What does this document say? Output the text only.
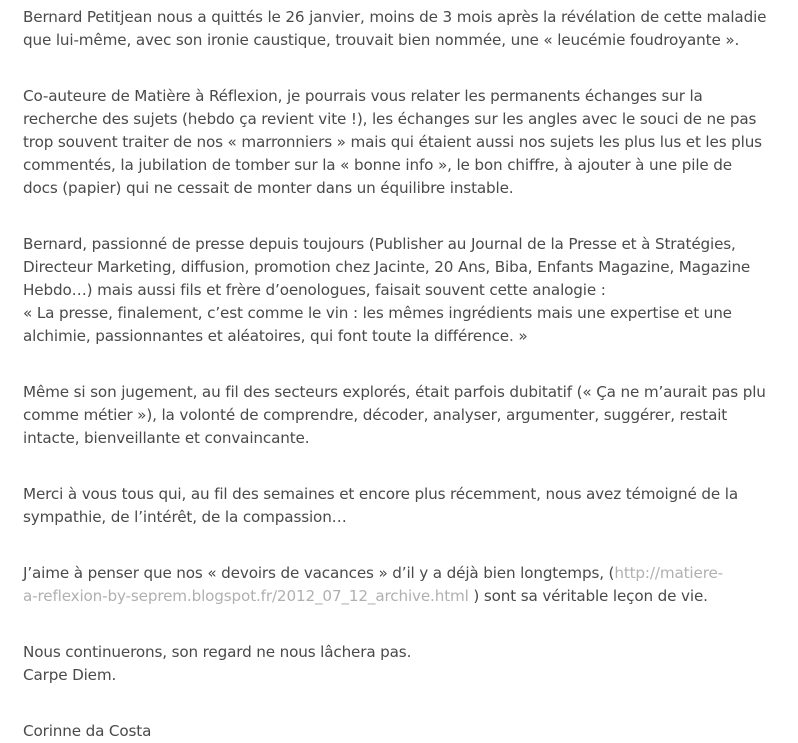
Bernard Petitjean nous a quittés le 26 janvier, moins de 3 mois après la révélation de cette maladie
que lui-même, avec son ironie caustique, trouvait bien nommée, une « leucémie foudroyante ».

Co-auteure de Matière à Réflexion, je pourrais vous relater les permanents échanges sur la
recherche des sujets (hebdo ça revient vite !), les échanges sur les angles avec le souci de ne pas
trop souvent traiter de nos « marronniers » mais qui étaient aussi nos sujets les plus lus et les plus
commentés, la jubilation de tomber sur la « bonne info », le bon chiffre, à ajouter à une pile de
docs (papier) qui ne cessait de monter dans un équilibre instable.

Bernard, passionné de presse depuis toujours (Publisher au Journal de la Presse et à Stratégies,
Directeur Marketing, diffusion, promotion chez Jacinte, 20 Ans, Biba, Enfants Magazine, Magazine
Hebdo…) mais aussi fils et frère d’oenologues, faisait souvent cette analogie :
« La presse, finalement, c’est comme le vin : les mêmes ingrédients mais une expertise et une
alchimie, passionnantes et aléatoires, qui font toute la différence. »

Même si son jugement, au fil des secteurs explorés, était parfois dubitatif (« Ça ne m’aurait pas plu
comme métier »), la volonté de comprendre, décoder, analyser, argumenter, suggérer, restait
intacte, bienveillante et convaincante.

Merci à vous tous qui, au fil des semaines et encore plus récemment, nous avez témoigné de la
sympathie, de l’intérêt, de la compassion…

J’aime à penser que nos « devoirs de vacances » d’il y a déjà bien longtemps, (http://matiere-
a-reflexion-by-seprem.blogspot.fr/2012_07_12_archive.html ) sont sa véritable leçon de vie.

Nous continuerons, son regard ne nous lâchera pas.
Carpe Diem.

Corinne da Costa
